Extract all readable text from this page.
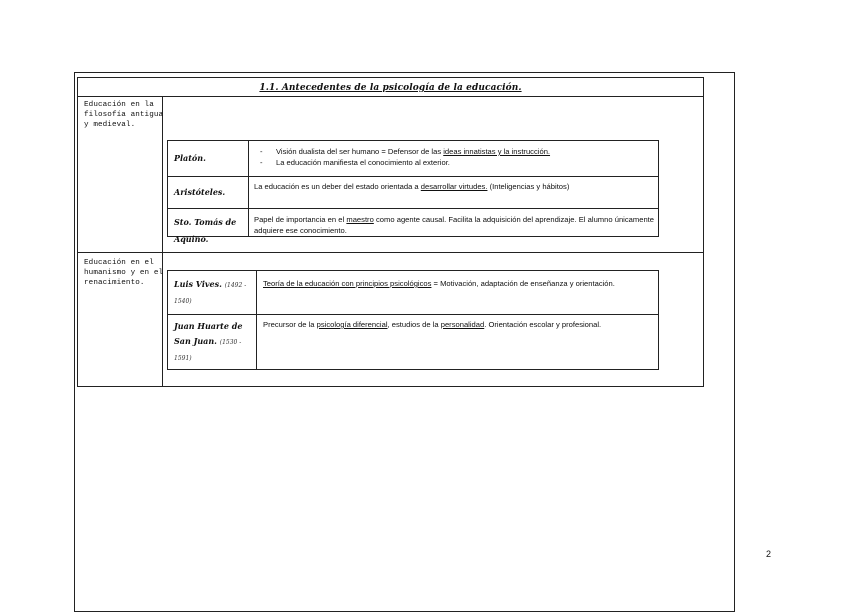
1.1. Antecedentes de la psicología de la educación.
Educación en la filosofía antigua y medieval.
Platón.
- Visión dualista del ser humano = Defensor de las ideas innatistas y la instrucción.
- La educación manifiesta el conocimiento al exterior.
Aristóteles.
La educación es un deber del estado orientada a desarrollar virtudes. (Inteligencias y hábitos)
Sto. Tomás de
Aquino.
Papel de importancia en el maestro como agente causal. Facilita la adquisición del aprendizaje. El alumno únicamente adquiere ese conocimiento.
Educación en el humanismo y en el renacimiento.	Luis Vives. (1492 - 1540)
Teoría de la educación con principios psicológicos = Motivación, adaptación de enseñanza y orientación.
Juan Huarte de
San Juan. (1530 - 1591)
Precursor de la psicología diferencial, estudios de la personalidad. Orientación escolar y profesional.
2
